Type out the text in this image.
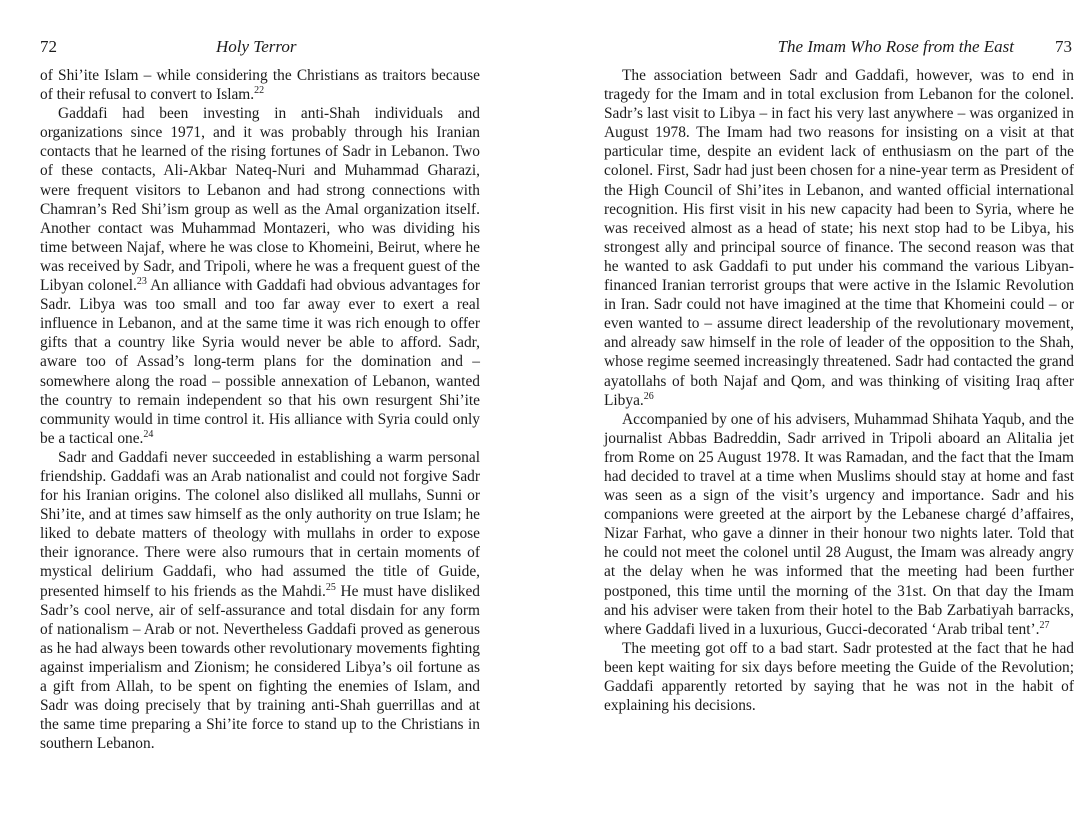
72	Holy Terror

of Shi’ite Islam – while considering the Christians as traitors because of their refusal to convert to Islam.$^{22}$

Gaddafi had been investing in anti-Shah individuals and organizations since 1971, and it was probably through his Iranian contacts that he learned of the rising fortunes of Sadr in Lebanon. Two of these contacts, Ali-Akbar Nateq-Nuri and Muhammad Gharazi, were frequent visitors to Lebanon and had strong connections with Chamran’s Red Shi’ism group as well as the Amal organization itself. Another contact was Muhammad Montazeri, who was dividing his time between Najaf, where he was close to Khomeini, Beirut, where he was received by Sadr, and Tripoli, where he was a frequent guest of the Libyan colonel.$^{23}$ An alliance with Gaddafi had obvious advantages for Sadr. Libya was too small and too far away ever to exert a real influence in Lebanon, and at the same time it was rich enough to offer gifts that a country like Syria would never be able to afford. Sadr, aware too of Assad’s long-term plans for the domination and – somewhere along the road – possible annexation of Lebanon, wanted the country to remain independent so that his own resurgent Shi’ite community would in time control it. His alliance with Syria could only be a tactical one.$^{24}$

Sadr and Gaddafi never succeeded in establishing a warm personal friendship. Gaddafi was an Arab nationalist and could not forgive Sadr for his Iranian origins. The colonel also disliked all mullahs, Sunni or Shi’ite, and at times saw himself as the only authority on true Islam; he liked to debate matters of theology with mullahs in order to expose their ignorance. There were also rumours that in certain moments of mystical delirium Gaddafi, who had assumed the title of Guide, presented himself to his friends as the Mahdi.$^{25}$ He must have disliked Sadr’s cool nerve, air of self-assurance and total disdain for any form of nationalism – Arab or not. Nevertheless Gaddafi proved as generous as he had always been towards other revolutionary movements fighting against imperialism and Zionism; he considered Libya’s oil fortune as a gift from Allah, to be spent on fighting the enemies of Islam, and Sadr was doing precisely that by training anti-Shah guerrillas and at the same time preparing a Shi’ite force to stand up to the Christians in southern Lebanon.

The Imam Who Rose from the East 73

The association between Sadr and Gaddafi, however, was to end in tragedy for the Imam and in total exclusion from Lebanon for the colonel. Sadr’s last visit to Libya – in fact his very last anywhere – was organized in August 1978. The Imam had two reasons for insisting on a visit at that particular time, despite an evident lack of enthusiasm on the part of the colonel. First, Sadr had just been chosen for a nine-year term as President of the High Council of Shi’ites in Lebanon, and wanted official international recognition. His first visit in his new capacity had been to Syria, where he was received almost as a head of state; his next stop had to be Libya, his strongest ally and principal source of finance. The second reason was that he wanted to ask Gaddafi to put under his command the various Libyan-financed Iranian terrorist groups that were active in the Islamic Revolution in Iran. Sadr could not have imagined at the time that Khomeini could – or even wanted to – assume direct leadership of the revolutionary movement, and already saw himself in the role of leader of the opposition to the Shah, whose regime seemed increasingly threatened. Sadr had contacted the grand ayatollahs of both Najaf and Qom, and was thinking of visiting Iraq after Libya.$^{26}$

Accompanied by one of his advisers, Muhammad Shihata Yaqub, and the journalist Abbas Badreddin, Sadr arrived in Tripoli aboard an Alitalia jet from Rome on 25 August 1978. It was Ramadan, and the fact that the Imam had decided to travel at a time when Muslims should stay at home and fast was seen as a sign of the visit’s urgency and importance. Sadr and his companions were greeted at the airport by the Lebanese chargé d’affaires, Nizar Farhat, who gave a dinner in their honour two nights later. Told that he could not meet the colonel until 28 August, the Imam was already angry at the delay when he was informed that the meeting had been further postponed, this time until the morning of the 31st. On that day the Imam and his adviser were taken from their hotel to the Bab Zarbatiyah barracks, where Gaddafi lived in a luxurious, Gucci-decorated ‘Arab tribal tent’.$^{27}$

The meeting got off to a bad start. Sadr protested at the fact that he had been kept waiting for six days before meeting the Guide of the Revolution; Gaddafi apparently retorted by saying that he was not in the habit of explaining his decisions.
